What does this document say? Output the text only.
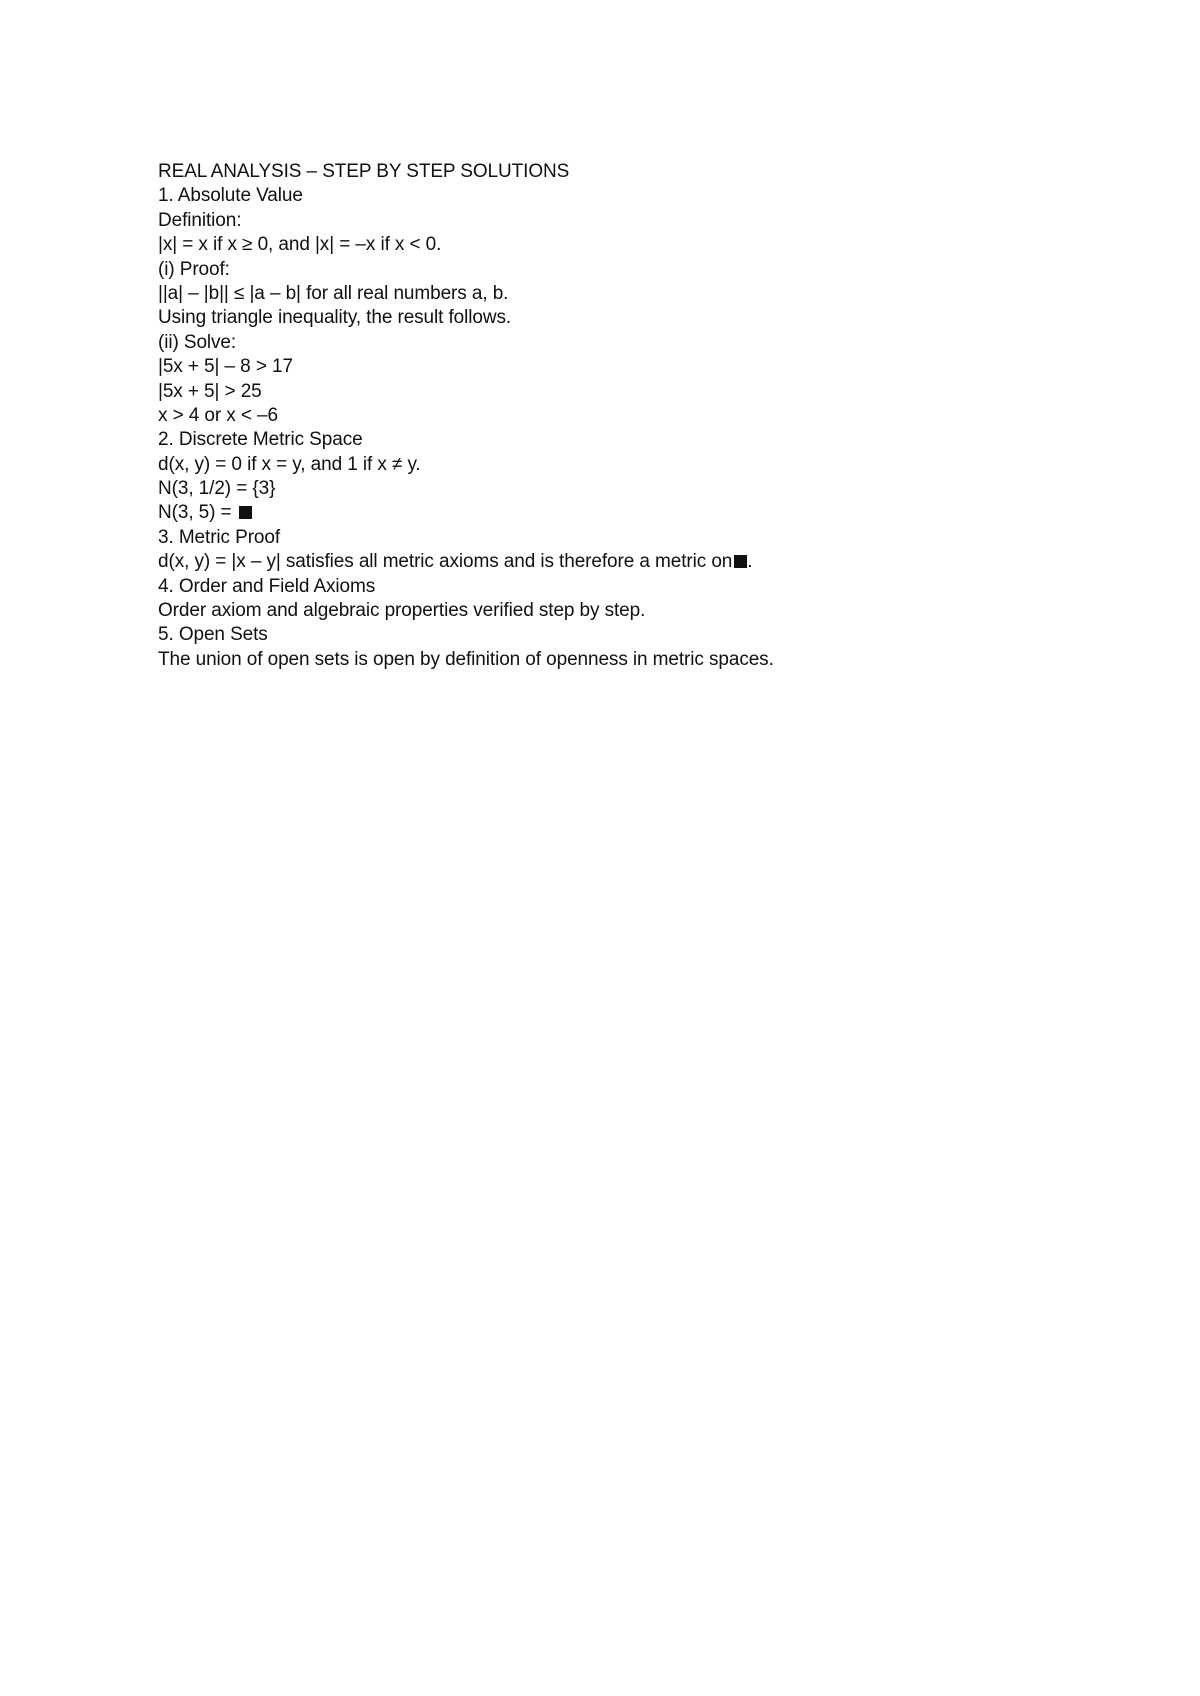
REAL ANALYSIS – STEP BY STEP SOLUTIONS
1. Absolute Value
Definition:
|x| = x if x ≥ 0, and |x| = –x if x < 0.
(i) Proof:
||a| – |b|| ≤ |a – b| for all real numbers a, b.
Using triangle inequality, the result follows.
(ii) Solve:
|5x + 5| – 8 > 17
|5x + 5| > 25
x > 4 or x < –6
2. Discrete Metric Space
d(x, y) = 0 if x = y, and 1 if x ≠ y.
N(3, 1/2) = {3}
N(3, 5) =
3. Metric Proof
d(x, y) = |x – y| satisfies all metric axioms and is therefore a metric on .
4. Order and Field Axioms
Order axiom and algebraic properties verified step by step.
5. Open Sets
The union of open sets is open by definition of openness in metric spaces.
